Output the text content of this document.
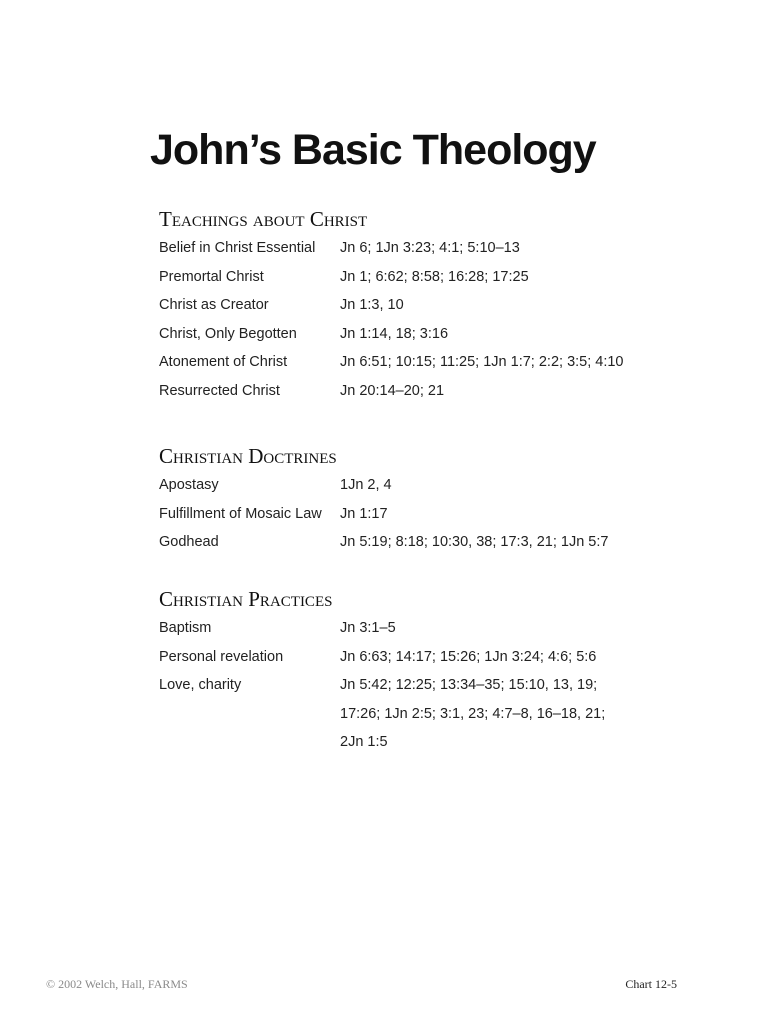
John’s Basic Theology
Teachings about Christ
Belief in Christ Essential	Jn 6; 1Jn 3:23; 4:1; 5:10–13
Premortal Christ	Jn 1; 6:62; 8:58; 16:28; 17:25
Christ as Creator	Jn 1:3, 10
Christ, Only Begotten	Jn 1:14, 18; 3:16
Atonement of Christ	Jn 6:51; 10:15; 11:25; 1Jn 1:7; 2:2; 3:5; 4:10
Resurrected Christ	Jn 20:14–20; 21
Christian Doctrines
Apostasy	1Jn 2, 4
Fulfillment of Mosaic Law	Jn 1:17
Godhead	Jn 5:19; 8:18; 10:30, 38; 17:3, 21; 1Jn 5:7
Christian Practices
Baptism	Jn 3:1–5
Personal revelation	Jn 6:63; 14:17; 15:26; 1Jn 3:24; 4:6; 5:6
Love, charity	Jn 5:42; 12:25; 13:34–35; 15:10, 13, 19;
17:26; 1Jn 2:5; 3:1, 23; 4:7–8, 16–18, 21;
2Jn 1:5
© 2002 Welch, Hall, FARMS	Chart 12-5
